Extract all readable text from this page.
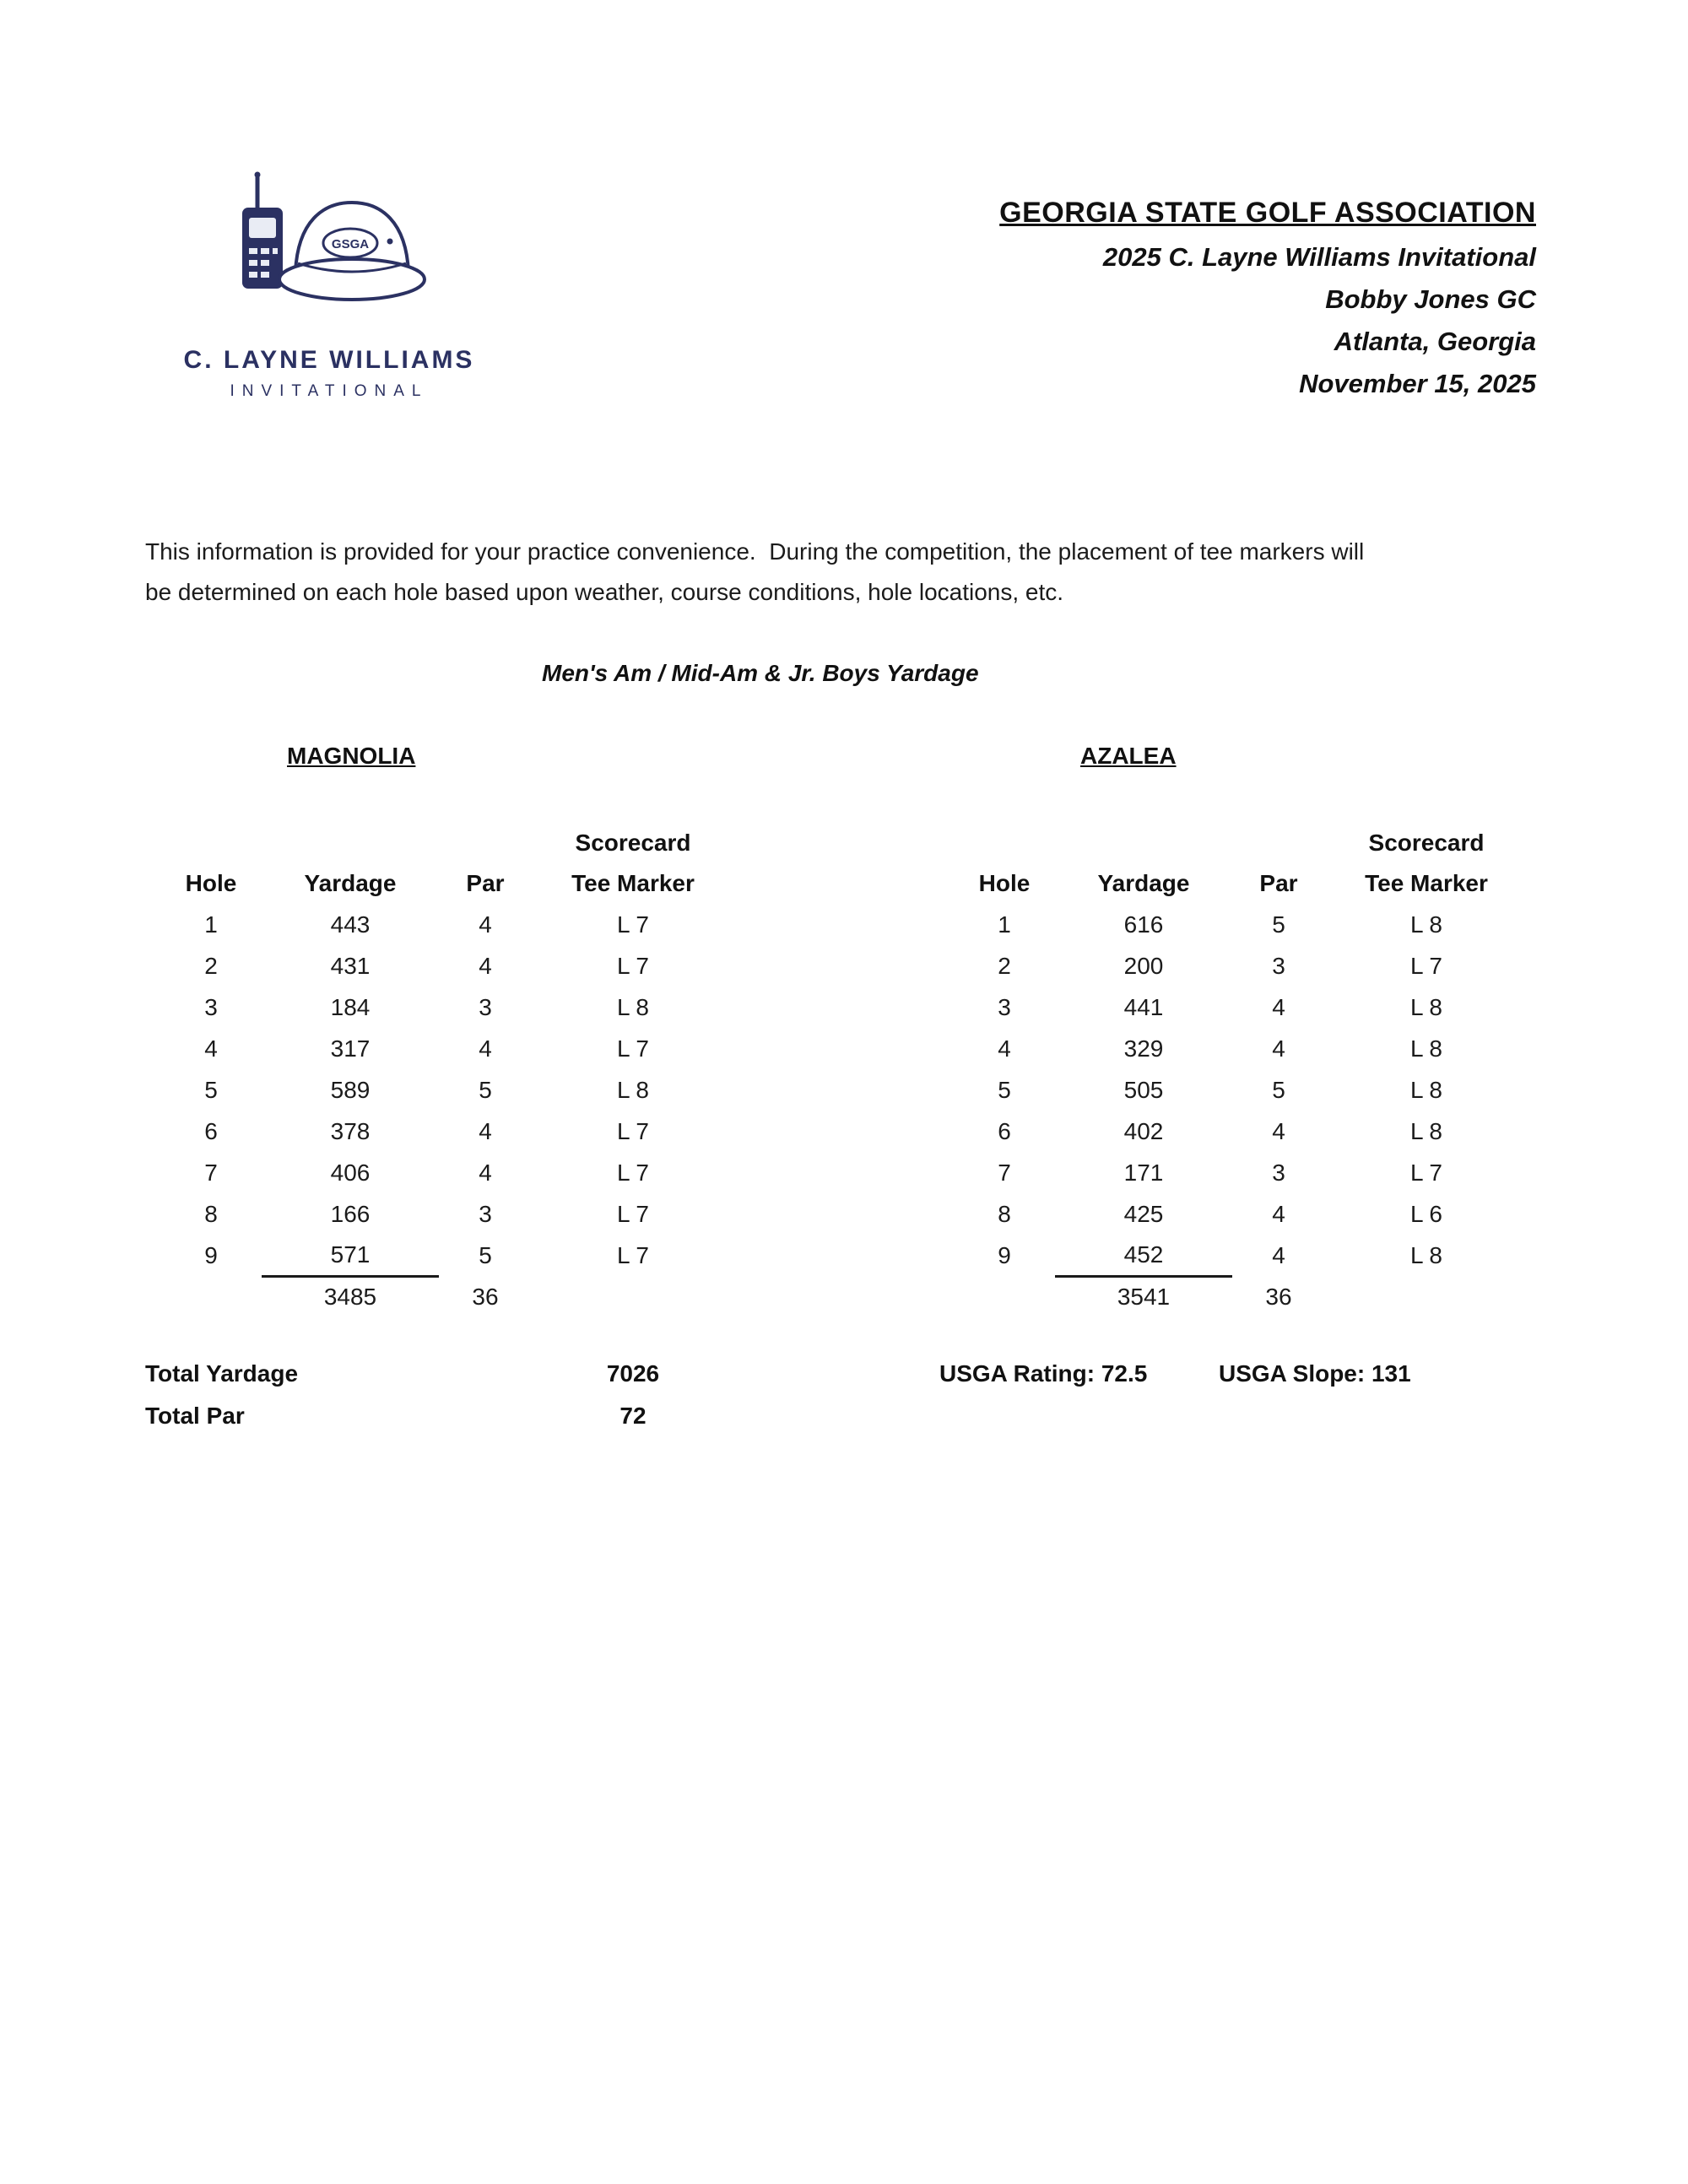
GSGA
C. LAYNE WILLIAMS
INVITATIONAL
GEORGIA STATE GOLF ASSOCIATION
2025 C. Layne Williams Invitational
Bobby Jones GC
Atlanta, Georgia
November 15, 2025
This information is provided for your practice convenience.  During the competition, the placement of tee markers will be determined on each hole based upon weather, course conditions, hole locations, etc.
Men's Am / Mid-Am & Jr. Boys Yardage
MAGNOLIA
			Scorecard
Hole	Yardage	Par	Tee Marker
1	443	4	L 7
2	431	4	L 7
3	184	3	L 8
4	317	4	L 7
5	589	5	L 8
6	378	4	L 7
7	406	4	L 7
8	166	3	L 7
9	571	5	L 7
	3485	36	
AZALEA
			Scorecard
Hole	Yardage	Par	Tee Marker
1	616	5	L 8
2	200	3	L 7
3	441	4	L 8
4	329	4	L 8
5	505	5	L 8
6	402	4	L 8
7	171	3	L 7
8	425	4	L 6
9	452	4	L 8
	3541	36	
Total Yardage	7026	USGA Rating: 72.5	USGA Slope: 131
Total Par	72
